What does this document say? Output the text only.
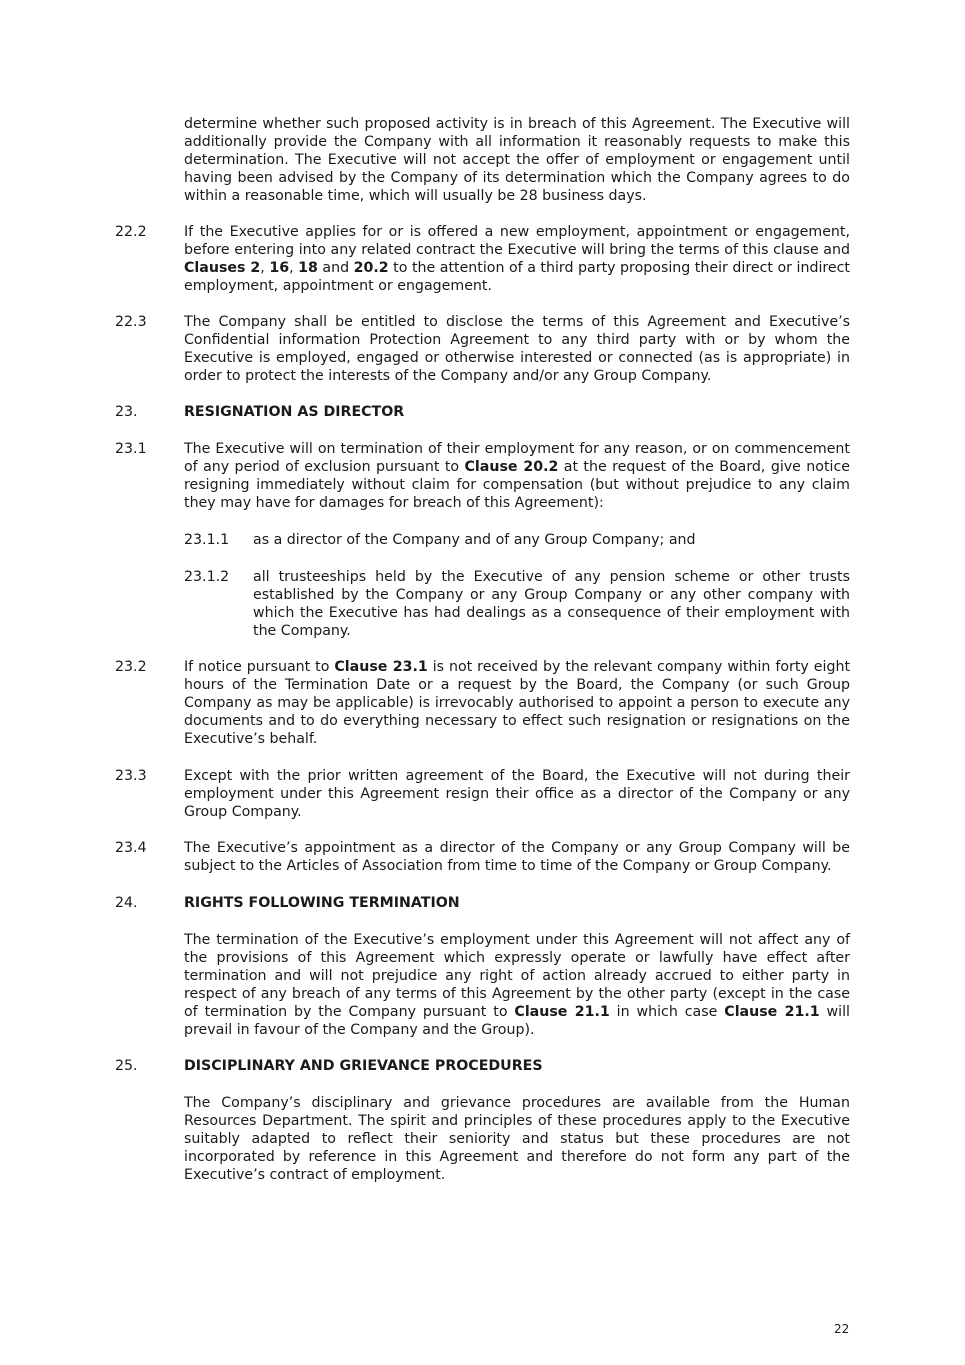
determine whether such proposed activity is in breach of this Agreement. The Executive will additionally provide the Company with all information it reasonably requests to make this determination. The Executive will not accept the offer of employment or engagement until having been advised by the Company of its determination which the Company agrees to do within a reasonable time, which will usually be 28 business days.

22.2	If the Executive applies for or is offered a new employment, appointment or engagement, before entering into any related contract the Executive will bring the terms of this clause and Clauses 2, 16, 18 and 20.2 to the attention of a third party proposing their direct or indirect employment, appointment or engagement.

22.3	The Company shall be entitled to disclose the terms of this Agreement and Executive’s Confidential information Protection Agreement to any third party with or by whom the Executive is employed, engaged or otherwise interested or connected (as is appropriate) in order to protect the interests of the Company and/or any Group Company.

23.	RESIGNATION AS DIRECTOR
23.1	The Executive will on termination of their employment for any reason, or on commencement of any period of exclusion pursuant to Clause 20.2 at the request of the Board, give notice resigning immediately without claim for compensation (but without prejudice to any claim they may have for damages for breach of this Agreement):

23.1.1 as a director of the Company and of any Group Company; and

23.1.2 all trusteeships held by the Executive of any pension scheme or other trusts established by the Company or any Group Company or any other company with which the Executive has had dealings as a consequence of their employment with the Company.

23.2	If notice pursuant to Clause 23.1 is not received by the relevant company within forty eight hours of the Termination Date or a request by the Board, the Company (or such Group Company as may be applicable) is irrevocably authorised to appoint a person to execute any documents and to do everything necessary to effect such resignation or resignations on the Executive’s behalf.

23.3	Except with the prior written agreement of the Board, the Executive will not during their employment under this Agreement resign their office as a director of the Company or any Group Company.

23.4	The Executive’s appointment as a director of the Company or any Group Company will be subject to the Articles of Association from time to time of the Company or Group Company.

24.	RIGHTS FOLLOWING TERMINATION

The termination of the Executive’s employment under this Agreement will not affect any of the provisions of this Agreement which expressly operate or lawfully have effect after termination and will not prejudice any right of action already accrued to either party in respect of any breach of any terms of this Agreement by the other party (except in the case of termination by the Company pursuant to Clause 21.1 in which case Clause 21.1 will prevail in favour of the Company and the Group).

25.	DISCIPLINARY AND GRIEVANCE PROCEDURES

The Company’s disciplinary and grievance procedures are available from the Human Resources Department. The spirit and principles of these procedures apply to the Executive suitably adapted to reflect their seniority and status but these procedures are not incorporated by reference in this Agreement and therefore do not form any part of the Executive’s contract of employment.

22
